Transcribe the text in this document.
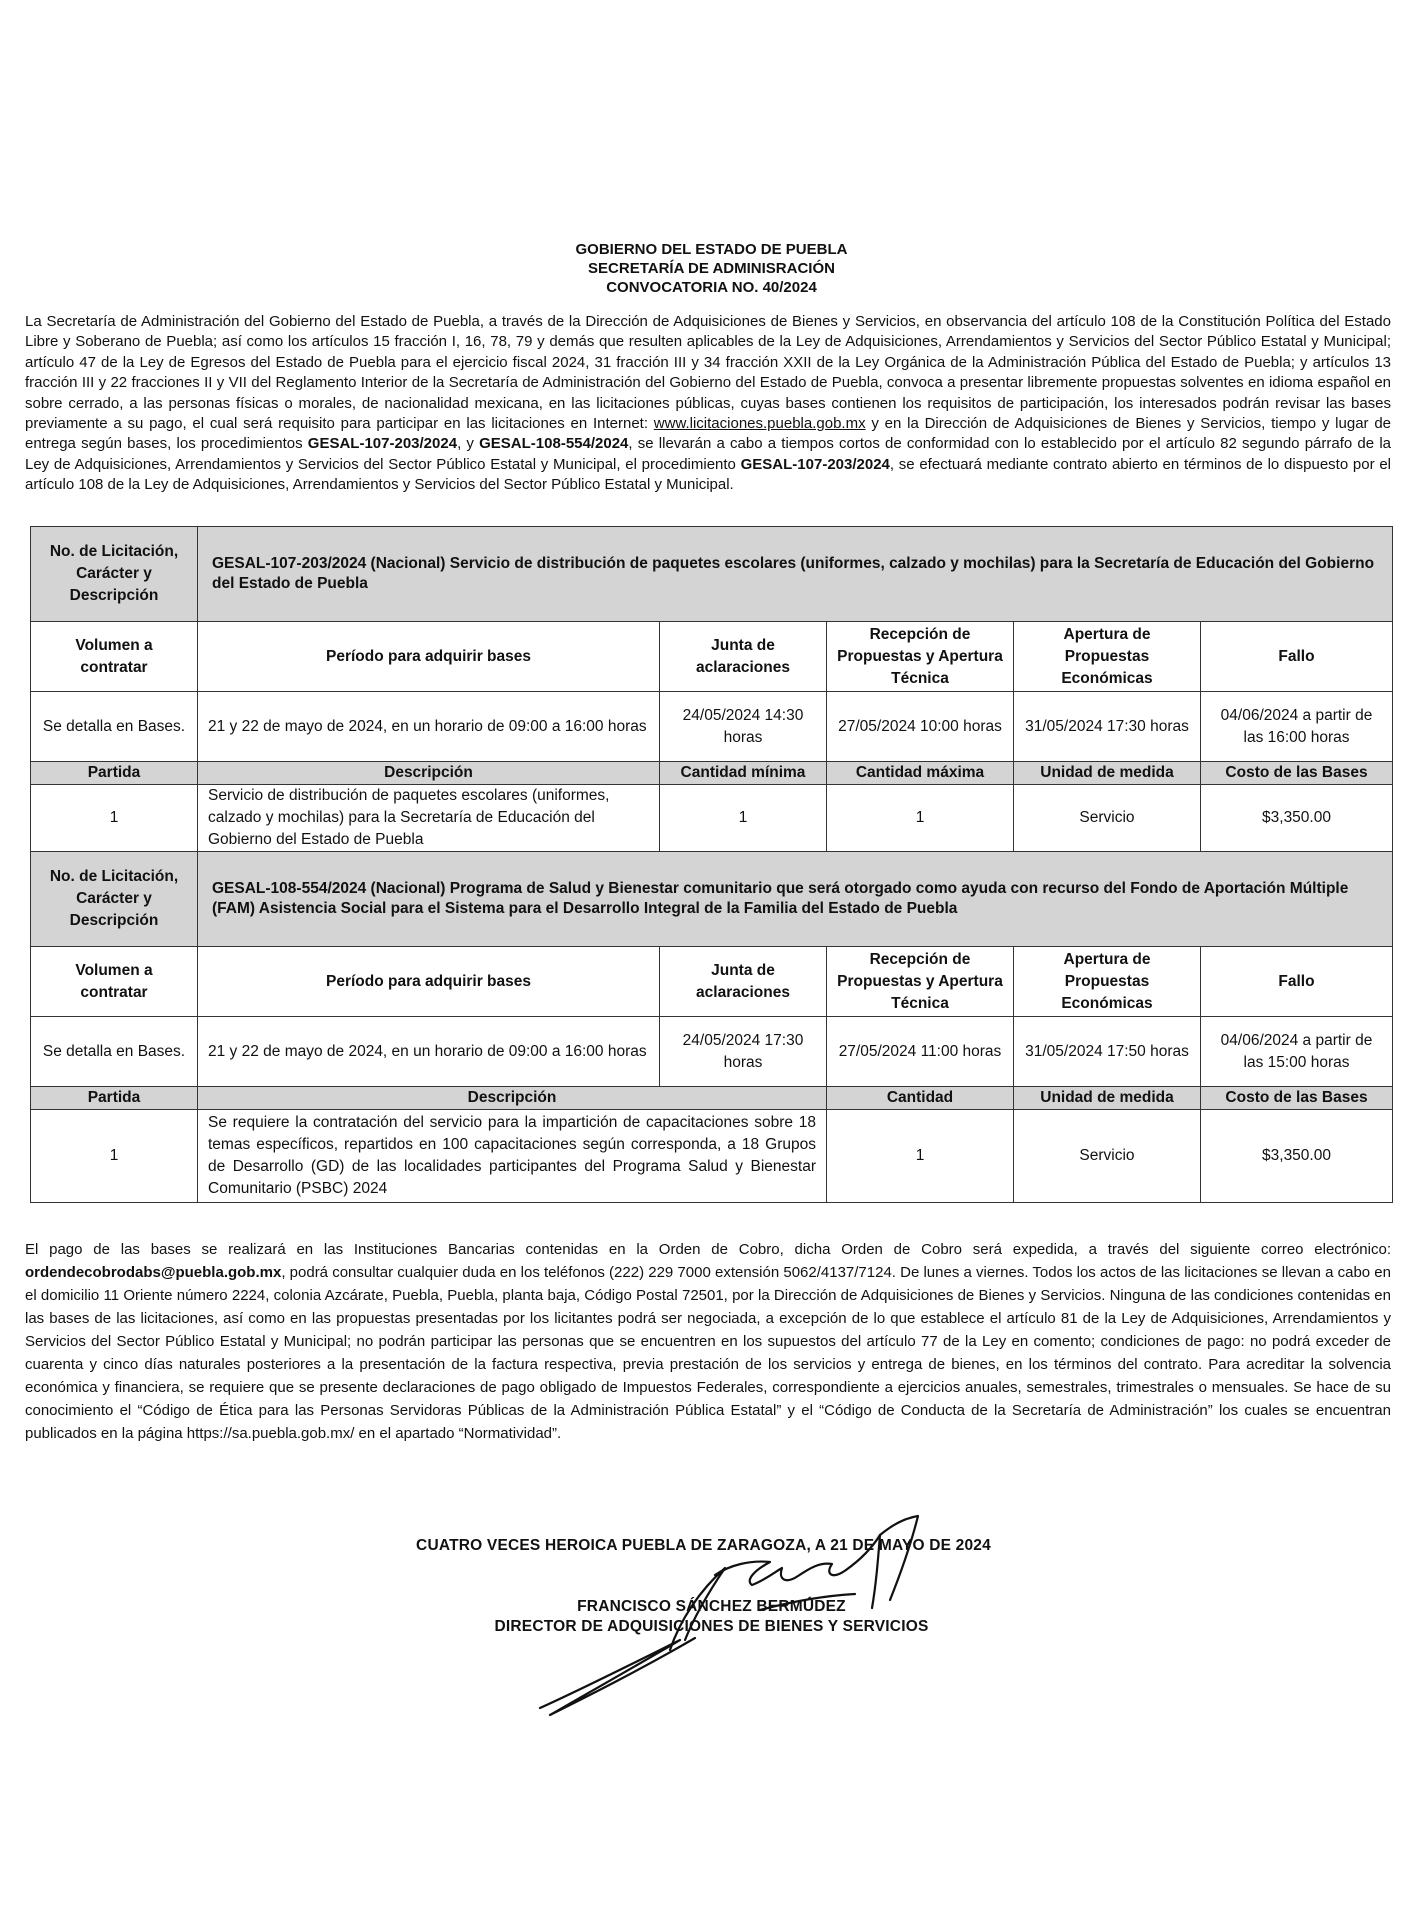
GOBIERNO DEL ESTADO DE PUEBLA
SECRETARÍA DE ADMINISRACIÓN
CONVOCATORIA NO. 40/2024

La Secretaría de Administración del Gobierno del Estado de Puebla, a través de la Dirección de Adquisiciones de Bienes y Servicios, en observancia del artículo 108 de la Constitución Política del Estado Libre y Soberano de Puebla; así como los artículos 15 fracción I, 16, 78, 79 y demás que resulten aplicables de la Ley de Adquisiciones, Arrendamientos y Servicios del Sector Público Estatal y Municipal; artículo 47 de la Ley de Egresos del Estado de Puebla para el ejercicio fiscal 2024, 31 fracción III y 34 fracción XXII de la Ley Orgánica de la Administración Pública del Estado de Puebla; y artículos 13 fracción III y 22 fracciones II y VII del Reglamento Interior de la Secretaría de Administración del Gobierno del Estado de Puebla, convoca a presentar libremente propuestas solventes en idioma español en sobre cerrado, a las personas físicas o morales, de nacionalidad mexicana, en las licitaciones públicas, cuyas bases contienen los requisitos de participación, los interesados podrán revisar las bases previamente a su pago, el cual será requisito para participar en las licitaciones en Internet: www.licitaciones.puebla.gob.mx y en la Dirección de Adquisiciones de Bienes y Servicios, tiempo y lugar de entrega según bases, los procedimientos GESAL-107-203/2024, y GESAL-108-554/2024, se llevarán a cabo a tiempos cortos de conformidad con lo establecido por el artículo 82 segundo párrafo de la Ley de Adquisiciones, Arrendamientos y Servicios del Sector Público Estatal y Municipal, el procedimiento GESAL-107-203/2024, se efectuará mediante contrato abierto en términos de lo dispuesto por el artículo 108 de la Ley de Adquisiciones, Arrendamientos y Servicios del Sector Público Estatal y Municipal.

No. de Licitación, Carácter y Descripción	GESAL-107-203/2024 (Nacional) Servicio de distribución de paquetes escolares (uniformes, calzado y mochilas) para la Secretaría de Educación del Gobierno del Estado de Puebla				
Volumen a contratar	Período para adquirir bases	Junta de aclaraciones	Recepción de Propuestas y Apertura Técnica	Apertura de Propuestas Económicas	Fallo
Se detalla en Bases.	21 y 22 de mayo de 2024, en un horario de 09:00 a 16:00 horas	24/05/2024 14:30 horas	27/05/2024 10:00 horas	31/05/2024 17:30 horas	04/06/2024 a partir de las 16:00 horas
Partida	Descripción	Cantidad mínima	Cantidad máxima	Unidad de medida	Costo de las Bases
1	Servicio de distribución de paquetes escolares (uniformes, calzado y mochilas) para la Secretaría de Educación del Gobierno del Estado de Puebla	1	1	Servicio	$3,350.00
No. de Licitación, Carácter y Descripción	GESAL-108-554/2024 (Nacional) Programa de Salud y Bienestar comunitario que será otorgado como ayuda con recurso del Fondo de Aportación Múltiple (FAM) Asistencia Social para el Sistema para el Desarrollo Integral de la Familia del Estado de Puebla				
Volumen a contratar	Período para adquirir bases	Junta de aclaraciones	Recepción de Propuestas y Apertura Técnica	Apertura de Propuestas Económicas	Fallo
Se detalla en Bases.	21 y 22 de mayo de 2024, en un horario de 09:00 a 16:00 horas	24/05/2024 17:30 horas	27/05/2024 11:00 horas	31/05/2024 17:50 horas	04/06/2024 a partir de las 15:00 horas
Partida	Descripción		Cantidad	Unidad de medida	Costo de las Bases
1	Se requiere la contratación del servicio para la impartición de capacitaciones sobre 18 temas específicos, repartidos en 100 capacitaciones según corresponda, a 18 Grupos de Desarrollo (GD) de las localidades participantes del Programa Salud y Bienestar Comunitario (PSBC) 2024		1	Servicio	$3,350.00

El pago de las bases se realizará en las Instituciones Bancarias contenidas en la Orden de Cobro, dicha Orden de Cobro será expedida, a través del siguiente correo electrónico: ordendecobrodabs@puebla.gob.mx, podrá consultar cualquier duda en los teléfonos (222) 229 7000 extensión 5062/4137/7124. De lunes a viernes. Todos los actos de las licitaciones se llevan a cabo en el domicilio 11 Oriente número 2224, colonia Azcárate, Puebla, Puebla, planta baja, Código Postal 72501, por la Dirección de Adquisiciones de Bienes y Servicios. Ninguna de las condiciones contenidas en las bases de las licitaciones, así como en las propuestas presentadas por los licitantes podrá ser negociada, a excepción de lo que establece el artículo 81 de la Ley de Adquisiciones, Arrendamientos y Servicios del Sector Público Estatal y Municipal; no podrán participar las personas que se encuentren en los supuestos del artículo 77 de la Ley en comento; condiciones de pago: no podrá exceder de cuarenta y cinco días naturales posteriores a la presentación de la factura respectiva, previa prestación de los servicios y entrega de bienes, en los términos del contrato. Para acreditar la solvencia económica y financiera, se requiere que se presente declaraciones de pago obligado de Impuestos Federales, correspondiente a ejercicios anuales, semestrales, trimestrales o mensuales. Se hace de su conocimiento el “Código de Ética para las Personas Servidoras Públicas de la Administración Pública Estatal” y el “Código de Conducta de la Secretaría de Administración” los cuales se encuentran publicados en la página https://sa.puebla.gob.mx/ en el apartado “Normatividad”.

CUATRO VECES HEROICA PUEBLA DE ZARAGOZA, A 21 DE MAYO DE 2024
FRANCISCO SÁNCHEZ BERMÚDEZ
DIRECTOR DE ADQUISICIONES DE BIENES Y SERVICIOS
